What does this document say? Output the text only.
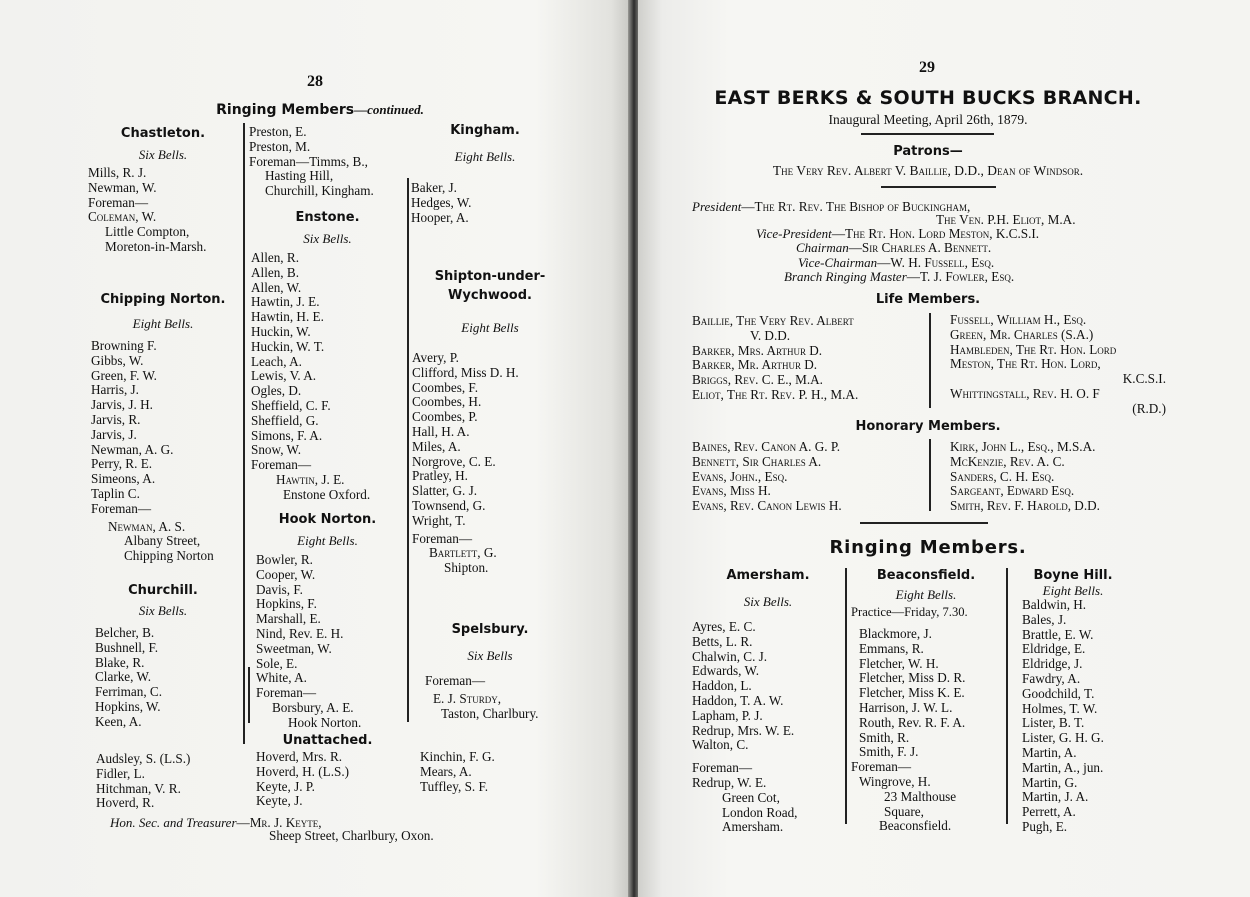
28
Ringing Members—continued.
Chastleton.
Six Bells.
Mills, R. J.
Newman, W.
Foreman—
Coleman, W.
Little Compton,
Moreton-in-Marsh.
Chipping Norton.
Eight Bells.
Browning F.
Gibbs, W.
Green, F. W.
Harris, J.
Jarvis, J. H.
Jarvis, R.
Jarvis, J.
Newman, A. G.
Perry, R. E.
Simeons, A.
Taplin C.
Foreman—
Newman, A. S.
Albany Street,
Chipping Norton
Churchill.
Six Bells.
Belcher, B.
Bushnell, F.
Blake, R.
Clarke, W.
Ferriman, C.
Hopkins, W.
Keen, A.
Preston, E.
Preston, M.
Foreman—Timms, B.,
Hasting Hill,
Churchill, Kingham.
Enstone.
Six Bells.
Allen, R.
Allen, B.
Allen, W.
Hawtin, J. E.
Hawtin, H. E.
Huckin, W.
Huckin, W. T.
Leach, A.
Lewis, V. A.
Ogles, D.
Sheffield, C. F.
Sheffield, G.
Simons, F. A.
Snow, W.
Foreman—
Hawtin, J. E.
Enstone Oxford.
Hook Norton.
Eight Bells.
Bowler, R.
Cooper, W.
Davis, F.
Hopkins, F.
Marshall, E.
Nind, Rev. E. H.
Sweetman, W.
Sole, E.
White, A.
Foreman—
Borsbury, A. E.
Hook Norton.
Kingham.
Eight Bells.
Baker, J.
Hedges, W.
Hooper, A.
Shipton-under-
Wychwood.
Eight Bells
Avery, P.
Clifford, Miss D. H.
Coombes, F.
Coombes, H.
Coombes, P.
Hall, H. A.
Miles, A.
Norgrove, C. E.
Pratley, H.
Slatter, G. J.
Townsend, G.
Wright, T.
Foreman—
Bartlett, G.
Shipton.
Spelsbury.
Six Bells
Foreman—
E. J. Sturdy,
Taston, Charlbury.
Unattached.
Audsley, S. (L.S.)
Fidler, L.
Hitchman, V. R.
Hoverd, R.
Hoverd, Mrs. R.
Hoverd, H. (L.S.)
Keyte, J. P.
Keyte, J.
Kinchin, F. G.
Mears, A.
Tuffley, S. F.
Hon. Sec. and Treasurer—Mr. J. Keyte,
Sheep Street, Charlbury, Oxon.
29
EAST BERKS & SOUTH BUCKS BRANCH.
Inaugural Meeting, April 26th, 1879.
Patrons—
The Very Rev. Albert V. Baillie, D.D., Dean of Windsor.
President—The Rt. Rev. The Bishop of Buckingham,
The Ven. P.H. Eliot, M.A.
Vice-President—The Rt. Hon. Lord Meston, K.C.S.I.
Chairman—Sir Charles A. Bennett.
Vice-Chairman—W. H. Fussell, Esq.
Branch Ringing Master—T. J. Fowler, Esq.
Life Members.
Baillie, The Very Rev. Albert
V. D.D.
Barker, Mrs. Arthur D.
Barker, Mr. Arthur D.
Briggs, Rev. C. E., M.A.
Eliot, The Rt. Rev. P. H., M.A.
Fussell, William H., Esq.
Green, Mr. Charles (S.A.)
Hambleden, The Rt. Hon. Lord
Meston, The Rt. Hon. Lord,
K.C.S.I.
Whittingstall, Rev. H. O. F
(R.D.)
Honorary Members.
Baines, Rev. Canon A. G. P.
Bennett, Sir Charles A.
Evans, John., Esq.
Evans, Miss H.
Evans, Rev. Canon Lewis H.
Kirk, John L., Esq., M.S.A.
McKenzie, Rev. A. C.
Sanders, C. H. Esq.
Sargeant, Edward Esq.
Smith, Rev. F. Harold, D.D.
Ringing Members.
Amersham.
Six Bells.
Ayres, E. C.
Betts, L. R.
Chalwin, C. J.
Edwards, W.
Haddon, L.
Haddon, T. A. W.
Lapham, P. J.
Redrup, Mrs. W. E.
Walton, C.
Foreman—
Redrup, W. E.
Green Cot,
London Road,
Amersham.
Beaconsfield.
Eight Bells.
Practice—Friday, 7.30.
Blackmore, J.
Emmans, R.
Fletcher, W. H.
Fletcher, Miss D. R.
Fletcher, Miss K. E.
Harrison, J. W. L.
Routh, Rev. R. F. A.
Smith, R.
Smith, F. J.
Foreman—
Wingrove, H.
23 Malthouse
Square,
Beaconsfield.
Boyne Hill.
Eight Bells.
Baldwin, H.
Bales, J.
Brattle, E. W.
Eldridge, E.
Eldridge, J.
Fawdry, A.
Goodchild, T.
Holmes, T. W.
Lister, B. T.
Lister, G. H. G.
Martin, A.
Martin, A., jun.
Martin, G.
Martin, J. A.
Perrett, A.
Pugh, E.
